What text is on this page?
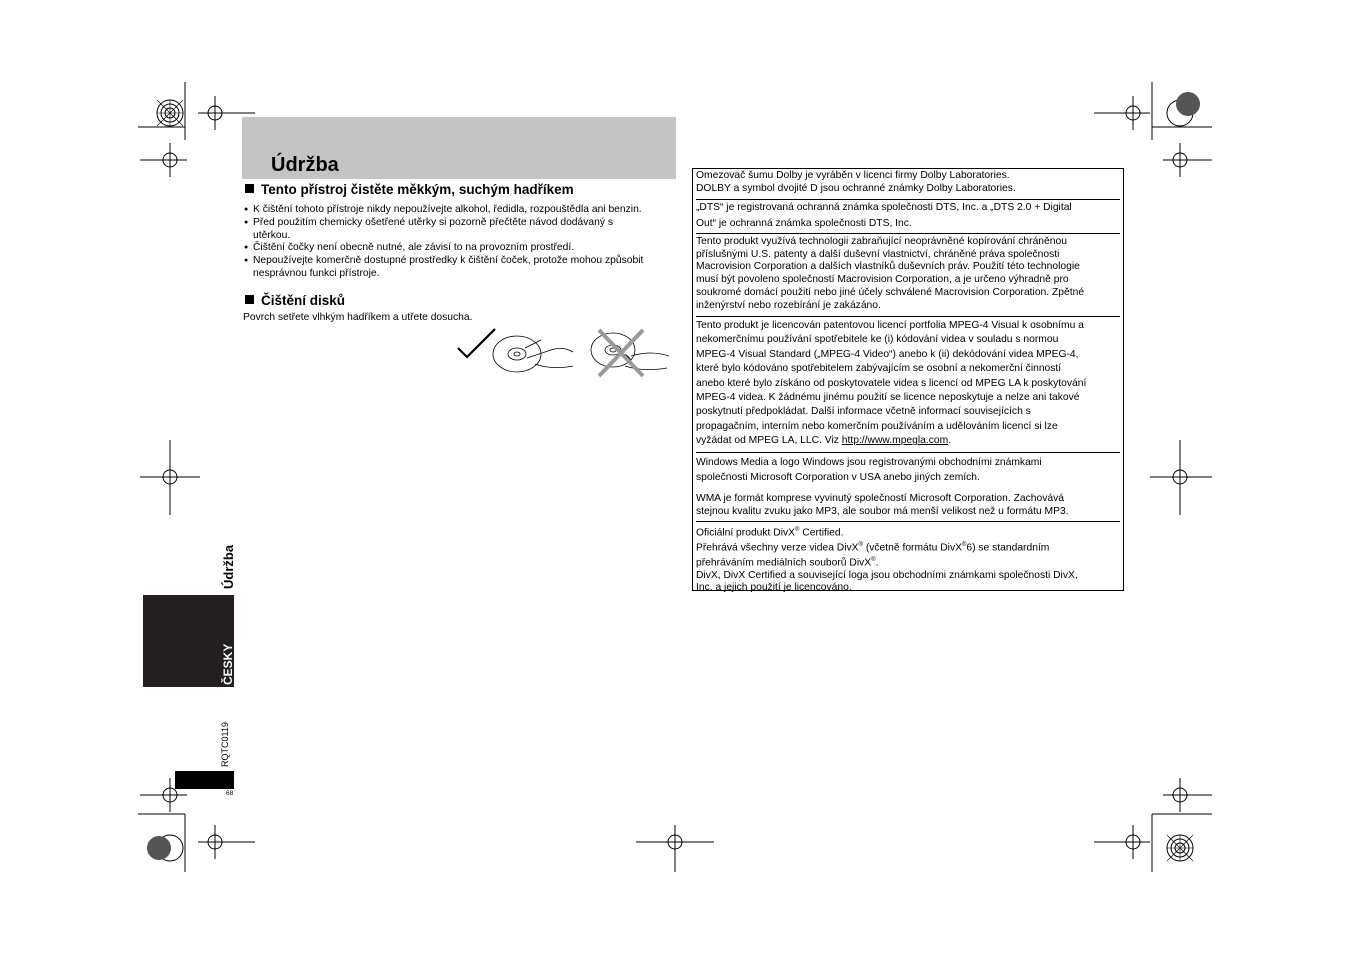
Údržba
Tento přístroj čistěte měkkým, suchým hadříkem
● K čištění tohoto přístroje nikdy nepoužívejte alkohol, ředidla, rozpouštědla ani benzin.
● Před použitím chemicky ošetřené utěrky si pozorně přečtěte návod dodávaný s utěrkou.
● Čištění čočky není obecně nutné, ale závisí to na provozním prostředí.
● Nepoužívejte komerčně dostupné prostředky k čištění čoček, protože mohou způsobit nesprávnou funkci přístroje.
Čištění disků

Povrch setřete vlhkým hadříkem a utřete dosucha.

Údržba
ČESKY
RQTC0119
68

Omezovač šumu Dolby je vyráběn v licenci firmy Dolby Laboratories.
DOLBY a symbol dvojité D jsou ochranné známky Dolby Laboratories.

„DTS“ je registrovaná ochranná známka společnosti DTS, Inc. a „DTS 2.0 + Digital
Out“ je ochranná známka společnosti DTS, Inc.

Tento produkt využívá technologii zabraňující neoprávněné kopírování chráněnou
příslušnými U.S. patenty a další duševní vlastnictví, chráněné práva společnosti
Macrovision Corporation a dalších vlastníků duševních práv. Použití této technologie
musí být povoleno společností Macrovision Corporation, a je určeno výhradně pro
soukromé domácí použití nebo jiné účely schválené Macrovision Corporation. Zpětné
inženýrství nebo rozebírání je zakázáno.

Tento produkt je licencován patentovou licencí portfolia MPEG-4 Visual k osobnímu a
nekomerčnímu používání spotřebitele ke (i) kódování videa v souladu s normou
MPEG-4 Visual Standard („MPEG-4 Video“) anebo k (ii) dekódování videa MPEG-4,
které bylo kódováno spotřebitelem zabývajícím se osobní a nekomerční činností
anebo které bylo získáno od poskytovatele videa s licencí od MPEG LA k poskytování
MPEG-4 videa. K žádnému jinému použití se licence neposkytuje a nelze ani takové
poskytnutí předpokládat. Další informace včetně informací souvisejících s
propagačním, interním nebo komerčním používáním a udělováním licencí si lze
vyžádat od MPEG LA, LLC. Viz http://www.mpegla.com.

Windows Media a logo Windows jsou registrovanými obchodními známkami
společnosti Microsoft Corporation v USA anebo jiných zemích.

WMA je formát komprese vyvinutý společností Microsoft Corporation. Zachovává
stejnou kvalitu zvuku jako MP3, ale soubor má menší velikost než u formátu MP3.

Oficiální produkt DivX® Certified.

Přehrává všechny verze videa DivX® (včetně formátu DivX®6) se standardním
přehráváním mediálních souborů DivX®.
DivX, DivX Certified a související loga jsou obchodními známkami společnosti DivX,
Inc. a jejich použití je licencováno.
